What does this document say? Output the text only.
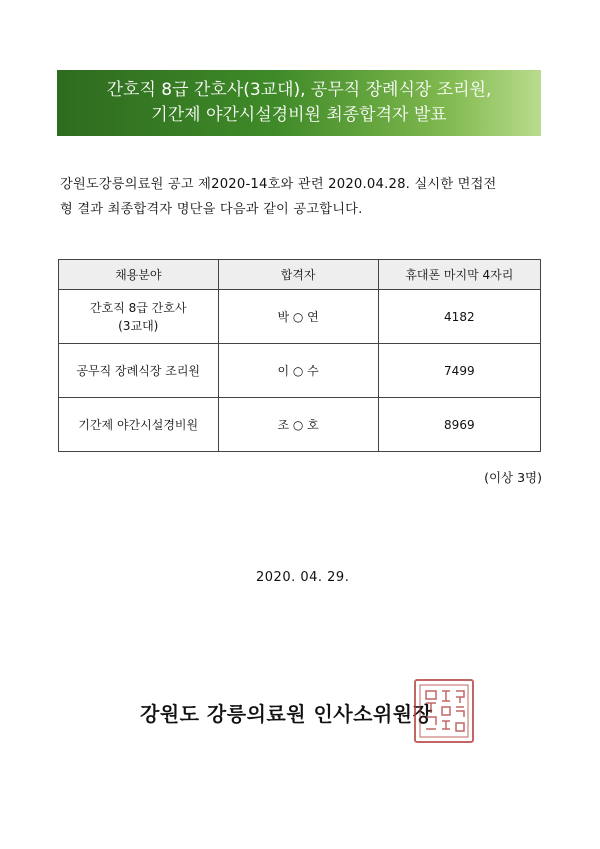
간호직 8급 간호사(3교대), 공무직 장례식장 조리원,
기간제 야간시설경비원 최종합격자 발표
강원도강릉의료원 공고 제2020-14호와 관련 2020.04.28. 실시한 면접전
형 결과 최종합격자 명단을 다음과 같이 공고합니다.
채용분야	합격자	휴대폰 마지막 4자리

간호직 8급 간호사
(3교대)	박 ○ 연	4182
공무직 장례식장 조리원	이 ○ 수	7499
기간제 야간시설경비원	조 ○ 호	8969
(이상 3명)
2020. 04. 29.
강원도 강릉의료원 인사소위원장
